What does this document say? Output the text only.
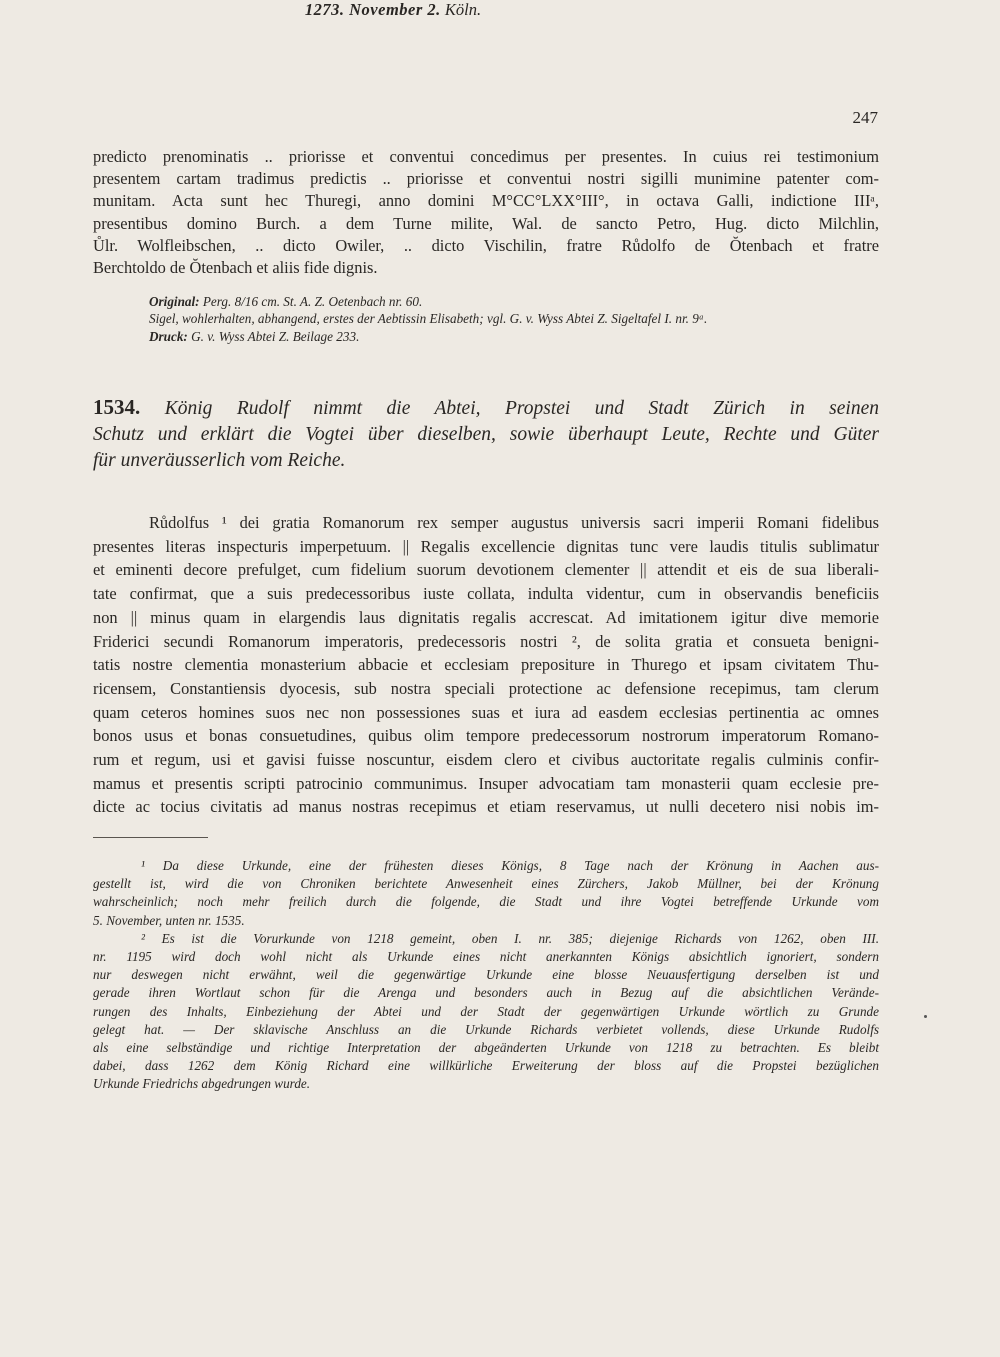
247
predicto prenominatis .. priorisse et conventui concedimus per presentes. In cuius rei testimonium
presentem cartam tradimus predictis .. priorisse et conventui nostri sigilli munimine patenter com-
munitam. Acta sunt hec Thuregi, anno domini M°CC°LXX°III°, in octava Galli, indictione IIIᵃ,
presentibus domino Burch. a dem Turne milite, Wal. de sancto Petro, Hug. dicto Milchlin,
Ůlr. Wolfleibschen, .. dicto Owiler, .. dicto Vischilin, fratre Růdolfo de Ŏtenbach et fratre
Berchtoldo de Ŏtenbach et aliis fide dignis.
Original: Perg. 8/16 cm. St. A. Z. Oetenbach nr. 60.
Sigel, wohlerhalten, abhangend, erstes der Aebtissin Elisabeth; vgl. G. v. Wyss Abtei Z. Sigeltafel I. nr. 9ᵃ.
Druck: G. v. Wyss Abtei Z. Beilage 233.
1534. König Rudolf nimmt die Abtei, Propstei und Stadt Zürich in seinen
Schutz und erklärt die Vogtei über dieselben, sowie überhaupt Leute, Rechte und Güter
für unveräusserlich vom Reiche.
1273. November 2. Köln.
Růdolfus ¹ dei gratia Romanorum rex semper augustus universis sacri imperii Romani fidelibus
presentes literas inspecturis imperpetuum. || Regalis excellencie dignitas tunc vere laudis titulis sublimatur
et eminenti decore prefulget, cum fidelium suorum devotionem clementer || attendit et eis de sua liberali-
tate confirmat, que a suis predecessoribus iuste collata, indulta videntur, cum in observandis beneficiis
non || minus quam in elargendis laus dignitatis regalis accrescat. Ad imitationem igitur dive memorie
Friderici secundi Romanorum imperatoris, predecessoris nostri ², de solita gratia et consueta benigni-
tatis nostre clementia monasterium abbacie et ecclesiam prepositure in Thurego et ipsam civitatem Thu-
ricensem, Constantiensis dyocesis, sub nostra speciali protectione ac defensione recepimus, tam clerum
quam ceteros homines suos nec non possessiones suas et iura ad easdem ecclesias pertinentia ac omnes
bonos usus et bonas consuetudines, quibus olim tempore predecessorum nostrorum imperatorum Romano-
rum et regum, usi et gavisi fuisse noscuntur, eisdem clero et civibus auctoritate regalis culminis confir-
mamus et presentis scripti patrocinio communimus. Insuper advocatiam tam monasterii quam ecclesie pre-
dicte ac tocius civitatis ad manus nostras recepimus et etiam reservamus, ut nulli decetero nisi nobis im-
¹ Da diese Urkunde, eine der frühesten dieses Königs, 8 Tage nach der Krönung in Aachen aus-
gestellt ist, wird die von Chroniken berichtete Anwesenheit eines Zürchers, Jakob Müllner, bei der Krönung
wahrscheinlich; noch mehr freilich durch die folgende, die Stadt und ihre Vogtei betreffende Urkunde vom
5. November, unten nr. 1535.
² Es ist die Vorurkunde von 1218 gemeint, oben I. nr. 385; diejenige Richards von 1262, oben III.
nr. 1195 wird doch wohl nicht als Urkunde eines nicht anerkannten Königs absichtlich ignoriert, sondern
nur deswegen nicht erwähnt, weil die gegenwärtige Urkunde eine blosse Neuausfertigung derselben ist und
gerade ihren Wortlaut schon für die Arenga und besonders auch in Bezug auf die absichtlichen Verände-
rungen des Inhalts, Einbeziehung der Abtei und der Stadt der gegenwärtigen Urkunde wörtlich zu Grunde
gelegt hat. — Der sklavische Anschluss an die Urkunde Richards verbietet vollends, diese Urkunde Rudolfs
als eine selbständige und richtige Interpretation der abgeänderten Urkunde von 1218 zu betrachten. Es bleibt
dabei, dass 1262 dem König Richard eine willkürliche Erweiterung der bloss auf die Propstei bezüglichen
Urkunde Friedrichs abgedrungen wurde.
